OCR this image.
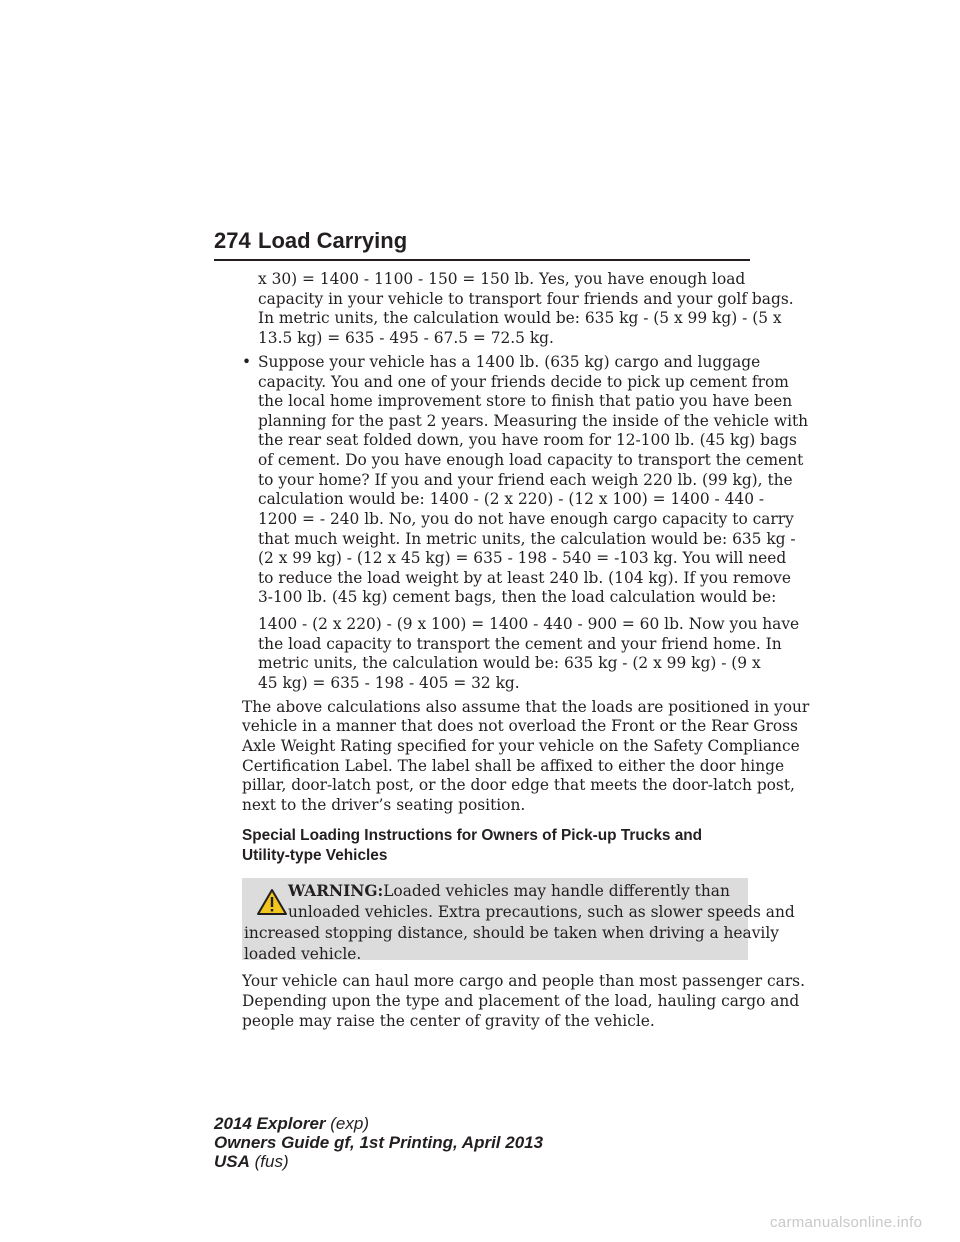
274 Load Carrying

x 30) = 1400 - 1100 - 150 = 150 lb. Yes, you have enough load

capacity in your vehicle to transport four friends and your golf bags.

In metric units, the calculation would be: 635 kg - (5 x 99 kg) - (5 x

13.5 kg) = 635 - 495 - 67.5 = 72.5 kg.

• Suppose your vehicle has a 1400 lb. (635 kg) cargo and luggage

capacity. You and one of your friends decide to pick up cement from

the local home improvement store to finish that patio you have been

planning for the past 2 years. Measuring the inside of the vehicle with

the rear seat folded down, you have room for 12-100 lb. (45 kg) bags

of cement. Do you have enough load capacity to transport the cement

to your home? If you and your friend each weigh 220 lb. (99 kg), the

calculation would be: 1400 - (2 x 220) - (12 x 100) = 1400 - 440 -

1200 = - 240 lb. No, you do not have enough cargo capacity to carry

that much weight. In metric units, the calculation would be: 635 kg -

(2 x 99 kg) - (12 x 45 kg) = 635 - 198 - 540 = -103 kg. You will need

to reduce the load weight by at least 240 lb. (104 kg). If you remove

3-100 lb. (45 kg) cement bags, then the load calculation would be:

1400 - (2 x 220) - (9 x 100) = 1400 - 440 - 900 = 60 lb. Now you have

the load capacity to transport the cement and your friend home. In

metric units, the calculation would be: 635 kg - (2 x 99 kg) - (9 x

45 kg) = 635 - 198 - 405 = 32 kg.

The above calculations also assume that the loads are positioned in your

vehicle in a manner that does not overload the Front or the Rear Gross

Axle Weight Rating specified for your vehicle on the Safety Compliance

Certification Label. The label shall be affixed to either the door hinge

pillar, door-latch post, or the door edge that meets the door-latch post,

next to the driver’s seating position.

Special Loading Instructions for Owners of Pick-up Trucks and

Utility-type Vehicles

WARNING:Loaded vehicles may handle differently than

unloaded vehicles. Extra precautions, such as slower speeds and

increased stopping distance, should be taken when driving a heavily

loaded vehicle.

Your vehicle can haul more cargo and people than most passenger cars.

Depending upon the type and placement of the load, hauling cargo and

people may raise the center of gravity of the vehicle.

2014 Explorer (exp)
Owners Guide gf, 1st Printing, April 2013
USA (fus)
carmanualsonline.info
